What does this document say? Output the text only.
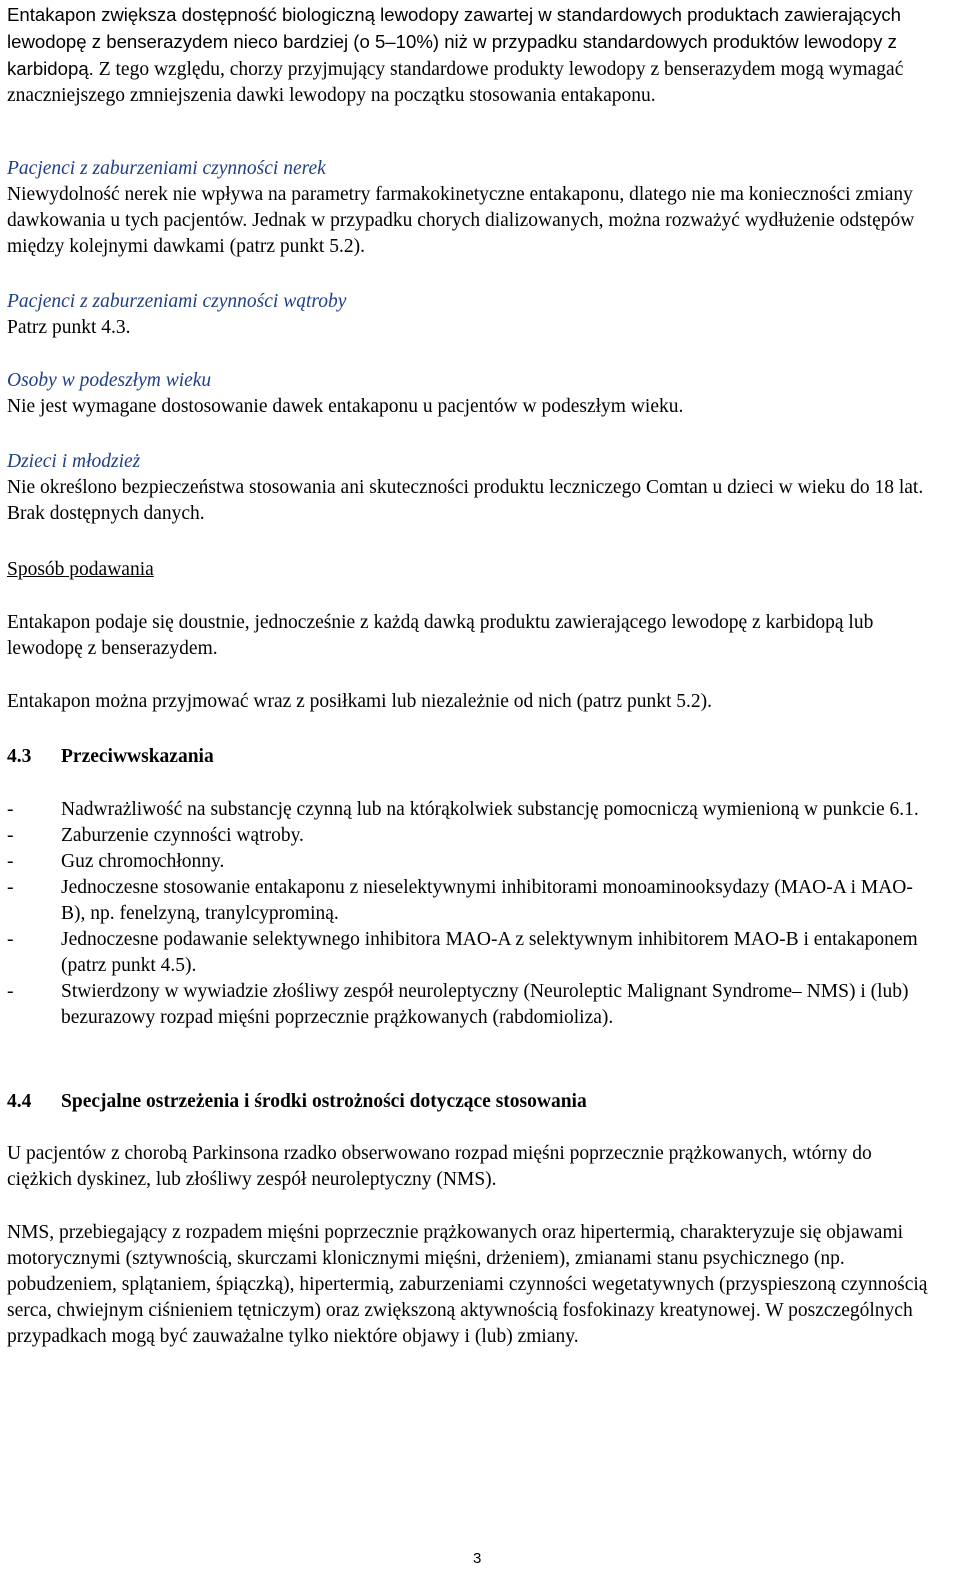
Entakapon zwiększa dostępność biologiczną lewodopy zawartej w standardowych produktach zawierających lewodopę z benserazydem nieco bardziej (o 5–10%) niż w przypadku standardowych produktów lewodopy z karbidopą. Z tego względu, chorzy przyjmujący standardowe produkty lewodopy z benserazydem mogą wymagać znaczniejszego zmniejszenia dawki lewodopy na początku stosowania entakaponu.

Pacjenci z zaburzeniami czynności nerek

Niewydolność nerek nie wpływa na parametry farmakokinetyczne entakaponu, dlatego nie ma konieczności zmiany dawkowania u tych pacjentów. Jednak w przypadku chorych dializowanych, można rozważyć wydłużenie odstępów między kolejnymi dawkami (patrz punkt 5.2).

Pacjenci z zaburzeniami czynności wątroby

Patrz punkt 4.3.

Osoby w podeszłym wieku

Nie jest wymagane dostosowanie dawek entakaponu u pacjentów w podeszłym wieku.

Dzieci i młodzież

Nie określono bezpieczeństwa stosowania ani skuteczności produktu leczniczego Comtan u dzieci w wieku do 18 lat. Brak dostępnych danych.

Sposób podawania

Entakapon podaje się doustnie, jednocześnie z każdą dawką produktu zawierającego lewodopę z karbidopą lub lewodopę z benserazydem.

Entakapon można przyjmować wraz z posiłkami lub niezależnie od nich (patrz punkt 5.2).

4.3 Przeciwwskazania
- Nadwrażliwość na substancję czynną lub na którąkolwiek substancję pomocniczą wymienioną w punkcie 6.1.
- Zaburzenie czynności wątroby.
- Guz chromochłonny.
- Jednoczesne stosowanie entakaponu z nieselektywnymi inhibitorami monoaminooksydazy (MAO-A i MAO-B), np. fenelzyną, tranylcyprominą.
- Jednoczesne podawanie selektywnego inhibitora MAO-A z selektywnym inhibitorem MAO-B i entakaponem (patrz punkt 4.5).
- Stwierdzony w wywiadzie złośliwy zespół neuroleptyczny (Neuroleptic Malignant Syndrome– NMS) i (lub) bezurazowy rozpad mięśni poprzecznie prążkowanych (rabdomioliza).
4.4 Specjalne ostrzeżenia i środki ostrożności dotyczące stosowania

U pacjentów z chorobą Parkinsona rzadko obserwowano rozpad mięśni poprzecznie prążkowanych, wtórny do ciężkich dyskinez, lub złośliwy zespół neuroleptyczny (NMS).

NMS, przebiegający z rozpadem mięśni poprzecznie prążkowanych oraz hipertermią, charakteryzuje się objawami motorycznymi (sztywnością, skurczami klonicznymi mięśni, drżeniem), zmianami stanu psychicznego (np. pobudzeniem, splątaniem, śpiączką), hipertermią, zaburzeniami czynności wegetatywnych (przyspieszoną czynnością serca, chwiejnym ciśnieniem tętniczym) oraz zwiększoną aktywnością fosfokinazy kreatynowej. W poszczególnych przypadkach mogą być zauważalne tylko niektóre objawy i (lub) zmiany.

3
